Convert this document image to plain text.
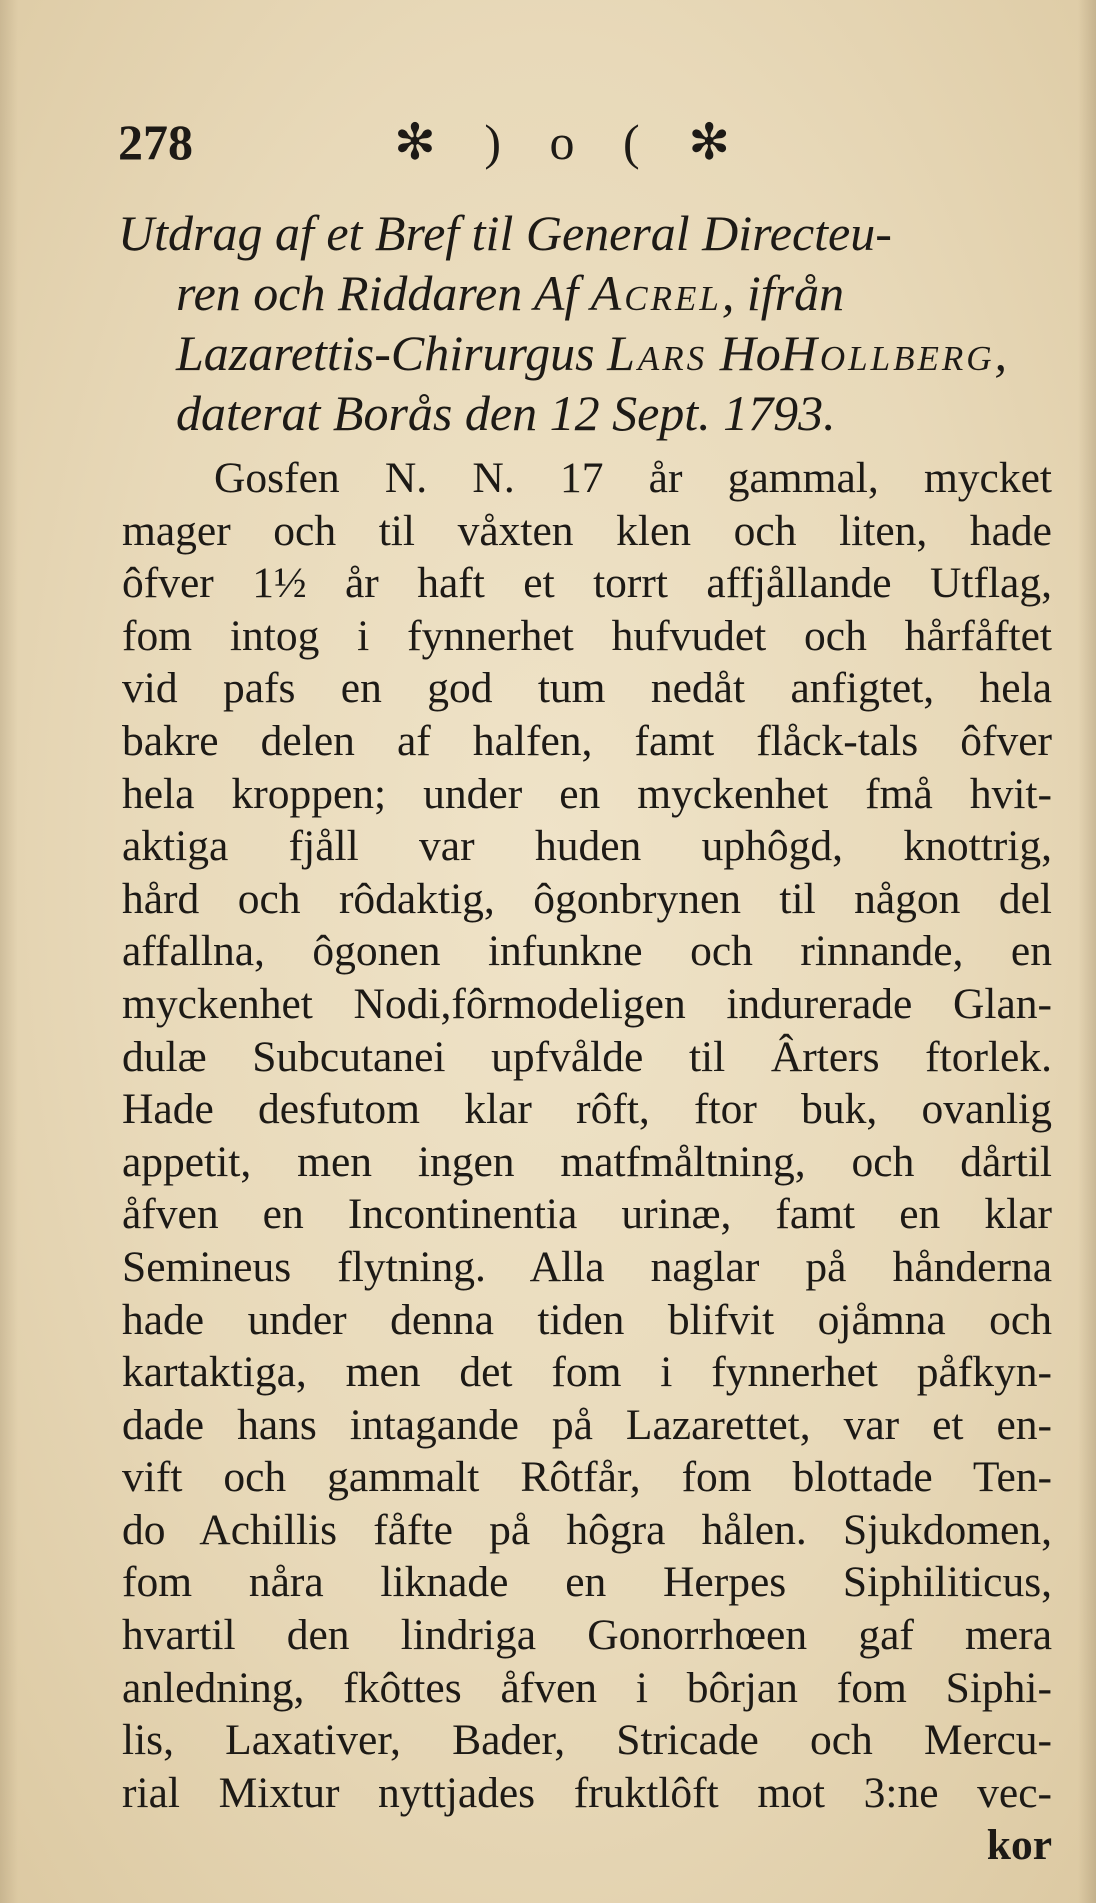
278	✻ ) o ( ✻
Utdrag af et Bref til General Directeu-
ren och Riddaren Af Acrel, ifrån
Lazarettis-Chirurgus Lars HoHollberg,
daterat Borås den 12 Sept. 1793.
Gosfen N. N. 17 år gammal, mycket
mager och til våxten klen och liten, hade
ôfver 1½ år haft et torrt affjållande Utflag,
fom intog i fynnerhet hufvudet och hårfåftet
vid pafs en god tum nedåt anfigtet, hela
bakre delen af halfen, famt flåck-tals ôfver
hela kroppen; under en myckenhet fmå hvit-
aktiga fjåll var huden uphôgd, knottrig,
hård och rôdaktig, ôgonbrynen til någon del
affallna, ôgonen infunkne och rinnande, en
myckenhet Nodi,fôrmodeligen indurerade Glan-
dulæ Subcutanei upfvålde til Ârters ftorlek.
Hade desfutom klar rôft, ftor buk, ovanlig
appetit, men ingen matfmåltning, och dårtil
åfven en Incontinentia urinæ, famt en klar
Semineus flytning. Alla naglar på hånderna
hade under denna tiden blifvit ojåmna och
kartaktiga, men det fom i fynnerhet påfkyn-
dade hans intagande på Lazarettet, var et en-
vift och gammalt Rôtfår, fom blottade Ten-
do Achillis fåfte på hôgra hålen. Sjukdomen,
fom nåra liknade en Herpes Siphiliticus,
hvartil den lindriga Gonorrhœen gaf mera
anledning, fkôttes åfven i bôrjan fom Siphi-
lis, Laxativer, Bader, Stricade och Mercu-
rial Mixtur nyttjades fruktlôft mot 3:ne vec-
kor
